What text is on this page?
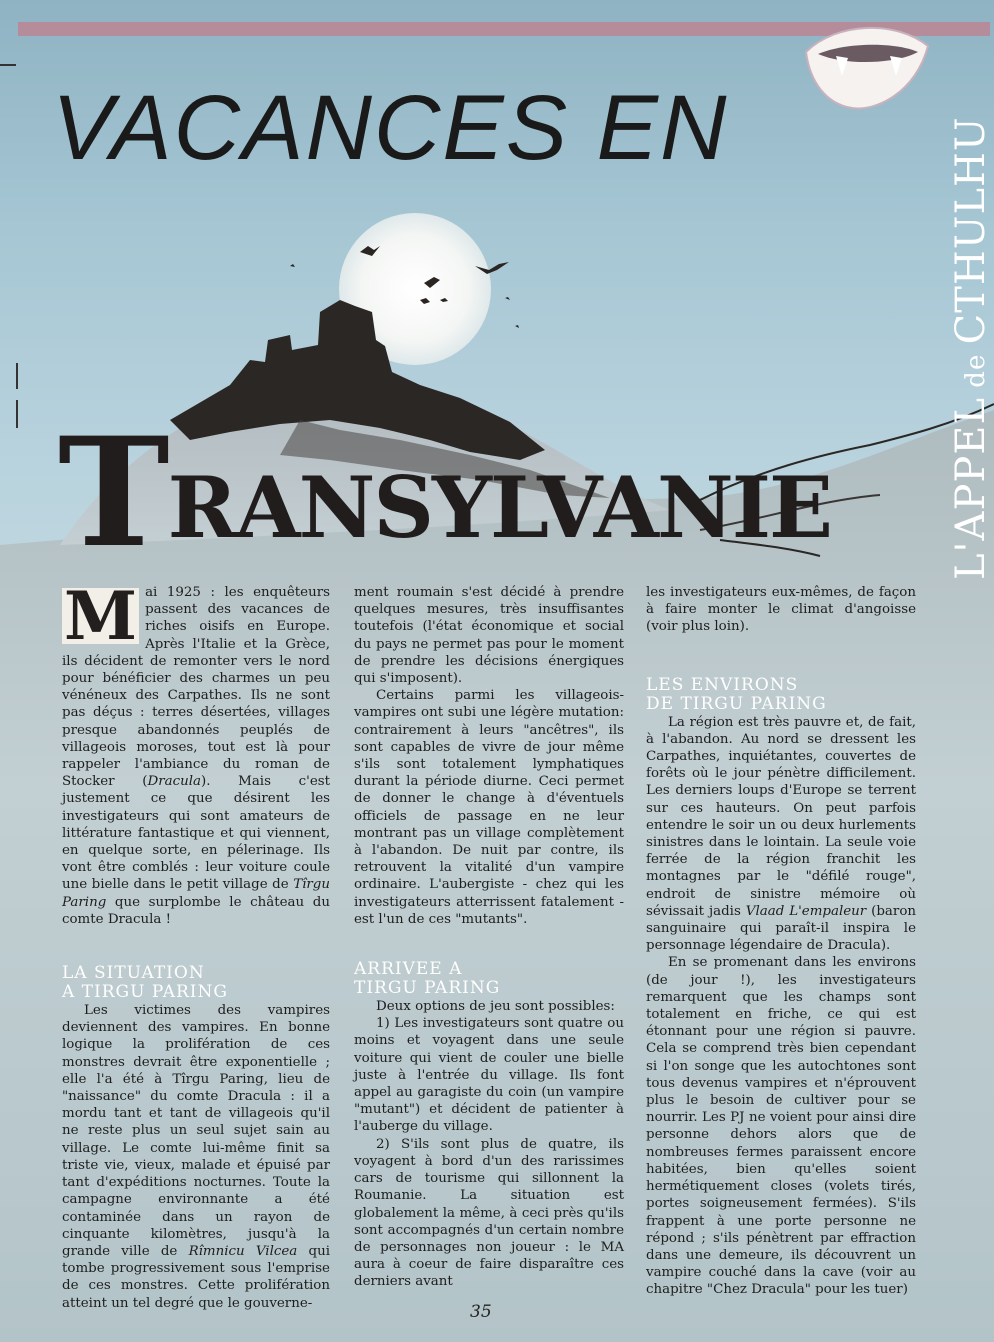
VACANCES EN
TRANSYLVANIE	L'APPEL de CTHULHU

M ai 1925 : les enquêteurs passent des vacances de riches oisifs en Europe. Après l'Italie et la Grèce, ils décident de remonter vers le nord pour bénéficier des charmes un peu vénéneux des Carpathes. Ils ne sont pas déçus : terres désertées, villages presque abandonnés peuplés de villageois moroses, tout est là pour rappeler l'ambiance du roman de Stocker (Dracula). Mais c'est justement ce que désirent les investigateurs qui sont amateurs de littérature fantastique et qui viennent, en quelque sorte, en pélerinage. Ils vont être comblés : leur voiture coule une bielle dans le petit village de Tîrgu Paring que surplombe le château du comte Dracula !

LA SITUATION
A TIRGU PARING

Les victimes des vampires deviennent des vampires. En bonne logique la prolifération de ces monstres devrait être exponentielle ; elle l'a été à Tîrgu Paring, lieu de "naissance" du comte Dracula : il a mordu tant et tant de villageois qu'il ne reste plus un seul sujet sain au village. Le comte lui-même finit sa triste vie, vieux, malade et épuisé par tant d'expéditions nocturnes. Toute la campagne environnante a été contaminée dans un rayon de cinquante kilomètres, jusqu'à la grande ville de Rîmnicu Vilcea qui tombe progressivement sous l'emprise de ces monstres. Cette prolifération atteint un tel degré que le gouverne-

ment roumain s'est décidé à prendre quelques mesures, très insuffisantes toutefois (l'état économique et social du pays ne permet pas pour le moment de prendre les décisions énergiques qui s'imposent).

Certains parmi les villageois- vampires ont subi une légère mutation: contrairement à leurs "ancêtres", ils sont capables de vivre de jour même s'ils sont totalement lymphatiques durant la période diurne. Ceci permet de donner le change à d'éventuels officiels de passage en ne leur montrant pas un village complètement à l'abandon. De nuit par contre, ils retrouvent la vitalité d'un vampire ordinaire. L'aubergiste - chez qui les investigateurs atterrissent fatalement - est l'un de ces "mutants".

ARRIVEE A
TIRGU PARING

Deux options de jeu sont possibles:

1) Les investigateurs sont quatre ou moins et voyagent dans une seule voiture qui vient de couler une bielle juste à l'entrée du village. Ils font appel au garagiste du coin (un vampire "mutant") et décident de patienter à l'auberge du village.

2) S'ils sont plus de quatre, ils voyagent à bord d'un des rarissimes cars de tourisme qui sillonnent la Roumanie. La situation est globalement la même, à ceci près qu'ils sont accompagnés d'un certain nombre de personnages non joueur : le MA aura à coeur de faire disparaître ces derniers avant

les investigateurs eux-mêmes, de façon à faire monter le climat d'angoisse (voir plus loin).

LES ENVIRONS
DE TIRGU PARING

La région est très pauvre et, de fait, à l'abandon. Au nord se dressent les Carpathes, inquiétantes, couvertes de forêts où le jour pénètre difficilement. Les derniers loups d'Europe se terrent sur ces hauteurs. On peut parfois entendre le soir un ou deux hurlements sinistres dans le lointain. La seule voie ferrée de la région franchit les montagnes par le "défilé rouge", endroit de sinistre mémoire où sévissait jadis Vlaad L'empaleur (baron sanguinaire qui paraît-il inspira le personnage légendaire de Dracula).

En se promenant dans les environs (de jour !), les investigateurs remarquent que les champs sont totalement en friche, ce qui est étonnant pour une région si pauvre. Cela se comprend très bien cependant si l'on songe que les autochtones sont tous devenus vampires et n'éprouvent plus le besoin de cultiver pour se nourrir. Les PJ ne voient pour ainsi dire personne dehors alors que de nombreuses fermes paraissent encore habitées, bien qu'elles soient hermétiquement closes (volets tirés, portes soigneusement fermées). S'ils frappent à une porte personne ne répond ; s'ils pénètrent par effraction dans une demeure, ils découvrent un vampire couché dans la cave (voir au chapitre "Chez Dracula" pour les tuer)

35
